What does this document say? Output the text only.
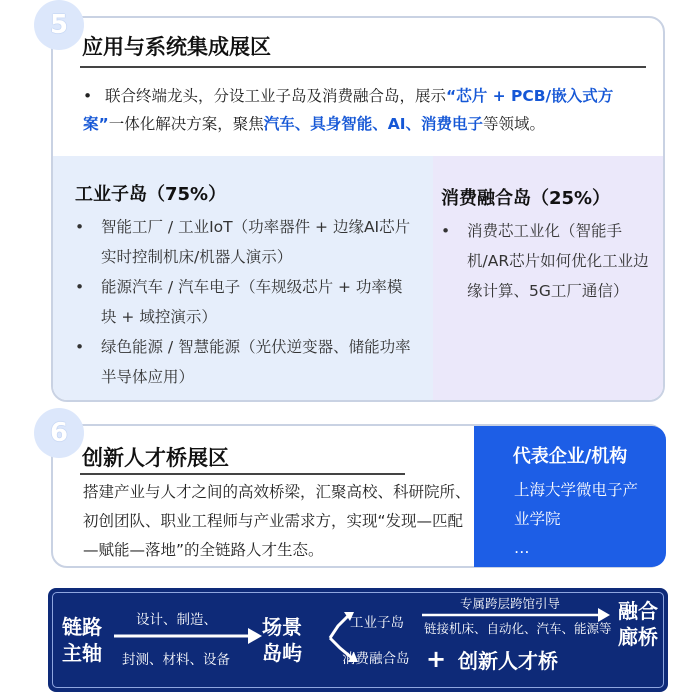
应用与系统集成展区
• 联合终端龙头，分设工业子岛及消费融合岛，展示“芯片 + PCB/嵌入式方案”一体化解决方案，聚焦汽车、具身智能、AI、消费电子等领域。
工业子岛（75%）
• 智能工厂 / 工业IoT（功率器件 + 边缘AI芯片实时控制机床/机器人演示）
• 能源汽车 / 汽车电子（车规级芯片 + 功率模块 + 域控演示）
• 绿色能源 / 智慧能源（光伏逆变器、储能功率半导体应用）
消费融合岛（25%）
• 消费芯工业化（智能手机/AR芯片如何优化工业边缘计算、5G工厂通信）
5
创新人才桥展区
搭建产业与人才之间的高效桥梁，汇聚高校、科研院所、初创团队、职业工程师与产业需求方，实现“发现—匹配—赋能—落地”的全链路人才生态。
代表企业/机构
上海大学微电子产业学院
…
6
链路
主轴
设计、制造、
封测、材料、设备
场景
岛屿
工业子岛
消费融合岛
专属跨层跨馆引导
链接机床、自动化、汽车、能源等
+ 创新人才桥
融合
廊桥
